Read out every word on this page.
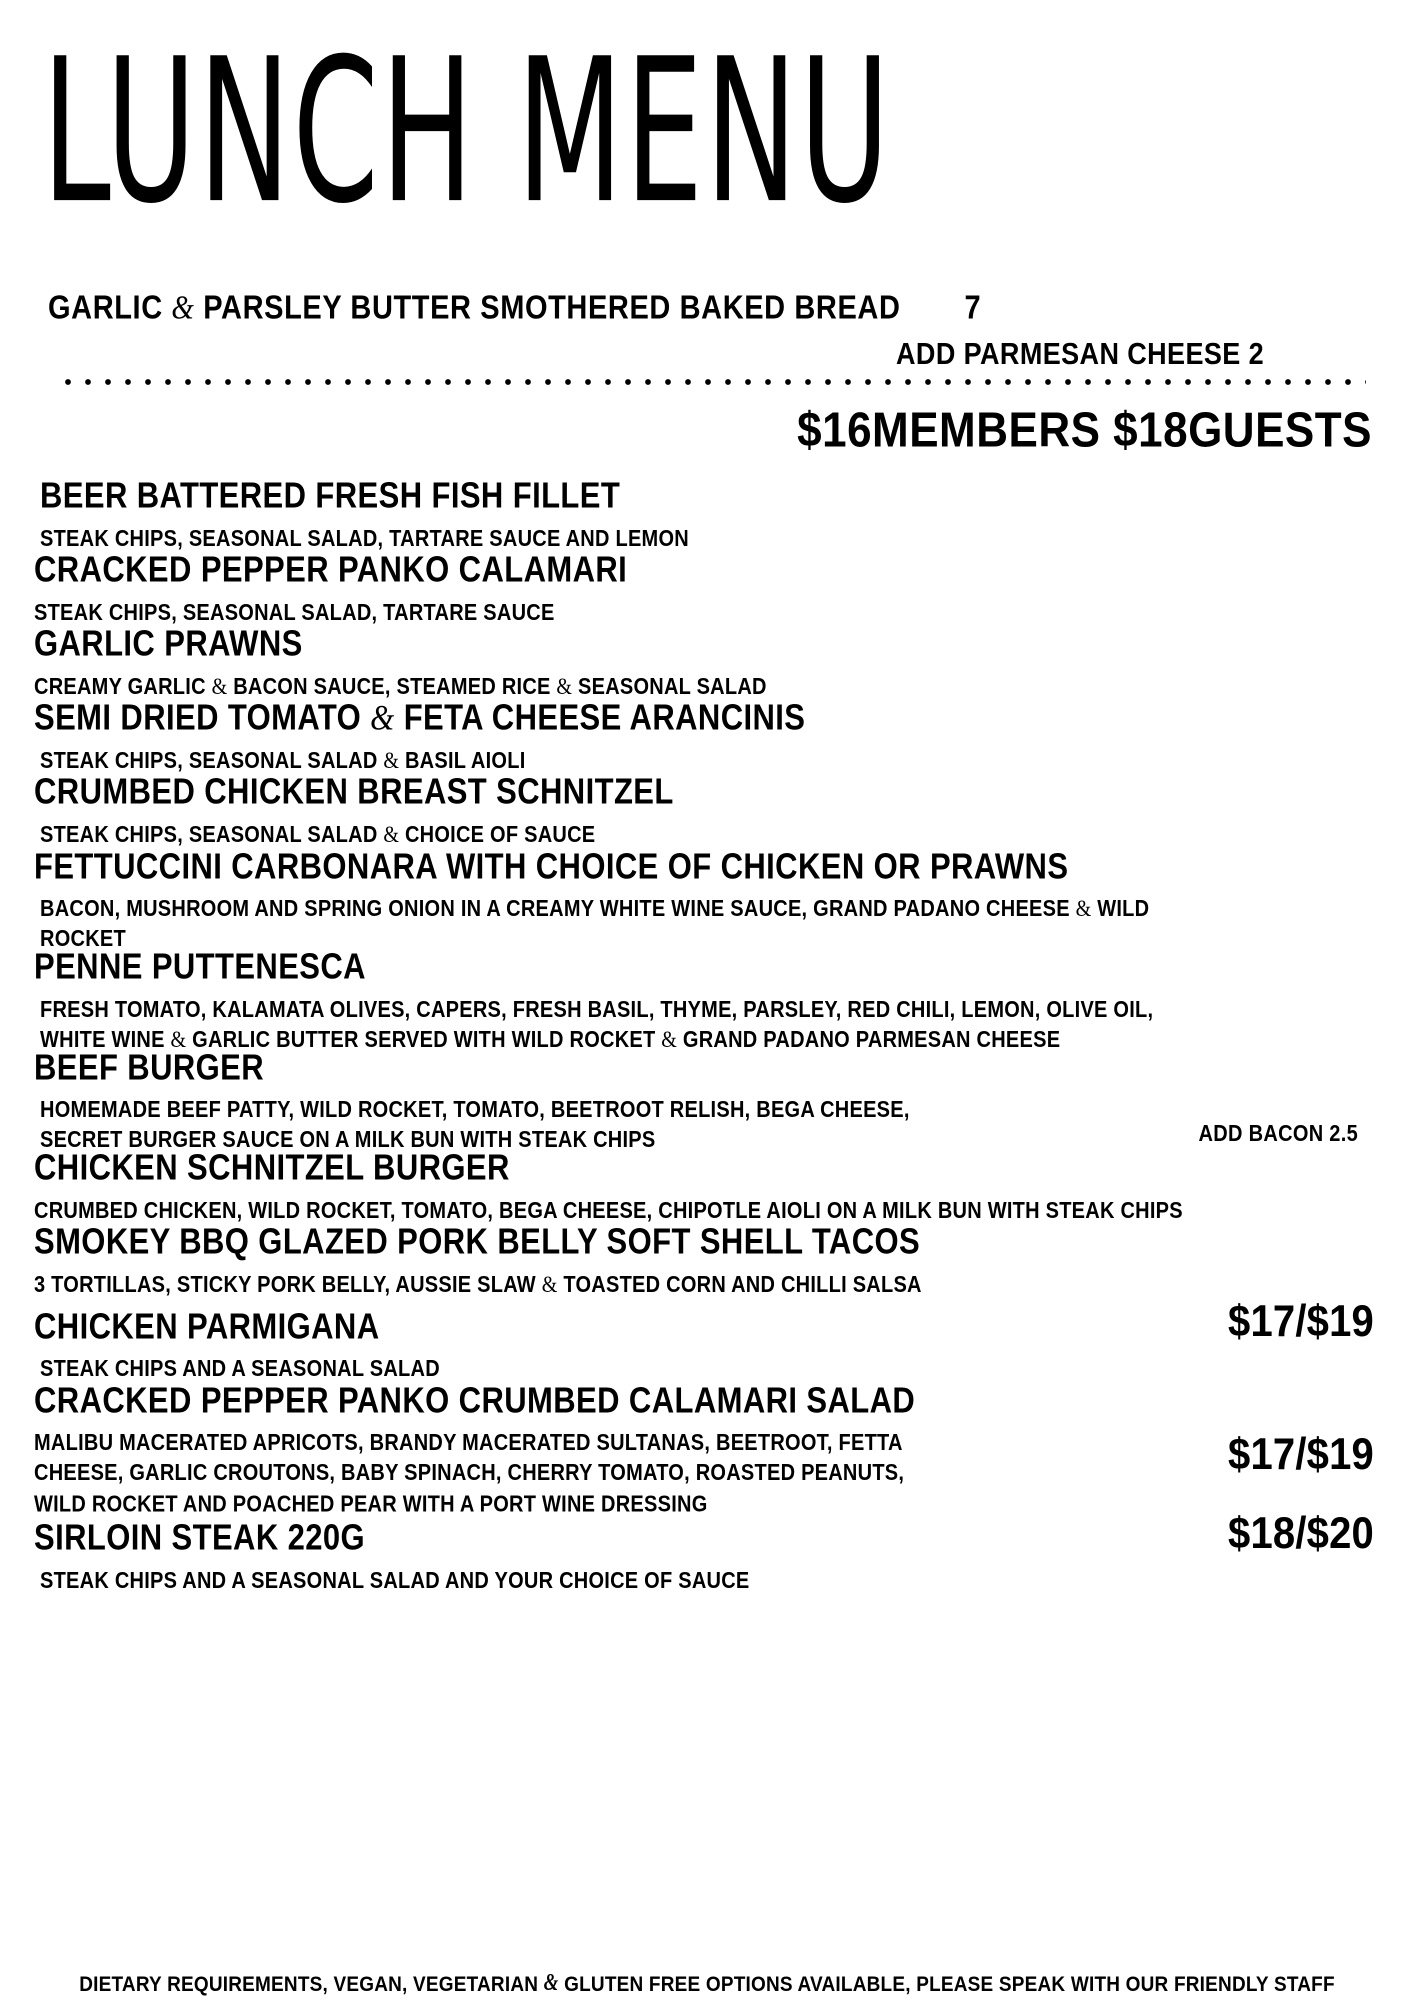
LUNCH MENU
GARLIC & PARSLEY BUTTER SMOTHERED BAKED BREAD 7
ADD PARMESAN CHEESE 2
$16MEMBERS $18GUESTS
BEER BATTERED FRESH FISH FILLET
STEAK CHIPS, SEASONAL SALAD, TARTARE SAUCE AND LEMON
CRACKED PEPPER PANKO CALAMARI
STEAK CHIPS, SEASONAL SALAD, TARTARE SAUCE
GARLIC PRAWNS
CREAMY GARLIC & BACON SAUCE, STEAMED RICE & SEASONAL SALAD
SEMI DRIED TOMATO & FETA CHEESE ARANCINIS
STEAK CHIPS, SEASONAL SALAD & BASIL AIOLI
CRUMBED CHICKEN BREAST SCHNITZEL
STEAK CHIPS, SEASONAL SALAD & CHOICE OF SAUCE
FETTUCCINI CARBONARA WITH CHOICE OF CHICKEN OR PRAWNS
BACON, MUSHROOM AND SPRING ONION IN A CREAMY WHITE WINE SAUCE, GRAND PADANO CHEESE & WILD ROCKET
PENNE PUTTENESCA
FRESH TOMATO, KALAMATA OLIVES, CAPERS, FRESH BASIL, THYME, PARSLEY, RED CHILI, LEMON, OLIVE OIL, WHITE WINE & GARLIC BUTTER SERVED WITH WILD ROCKET & GRAND PADANO PARMESAN CHEESE
BEEF BURGER
HOMEMADE BEEF PATTY, WILD ROCKET, TOMATO, BEETROOT RELISH, BEGA CHEESE, SECRET BURGER SAUCE ON A MILK BUN WITH STEAK CHIPS	ADD BACON 2.5
CHICKEN SCHNITZEL BURGER
CRUMBED CHICKEN, WILD ROCKET, TOMATO, BEGA CHEESE, CHIPOTLE AIOLI ON A MILK BUN WITH STEAK CHIPS
SMOKEY BBQ GLAZED PORK BELLY SOFT SHELL TACOS
3 TORTILLAS, STICKY PORK BELLY, AUSSIE SLAW & TOASTED CORN AND CHILLI SALSA
CHICKEN PARMIGANA	$17/$19
STEAK CHIPS AND A SEASONAL SALAD
CRACKED PEPPER PANKO CRUMBED CALAMARI SALAD
MALIBU MACERATED APRICOTS, BRANDY MACERATED SULTANAS, BEETROOT, FETTA CHEESE, GARLIC CROUTONS, BABY SPINACH, CHERRY TOMATO, ROASTED PEANUTS, WILD ROCKET AND POACHED PEAR WITH A PORT WINE DRESSING
$17/$19
SIRLOIN STEAK 220G	$18/$20
STEAK CHIPS AND A SEASONAL SALAD AND YOUR CHOICE OF SAUCE
DIETARY REQUIREMENTS, VEGAN, VEGETARIAN & GLUTEN FREE OPTIONS AVAILABLE, PLEASE SPEAK WITH OUR FRIENDLY STAFF
